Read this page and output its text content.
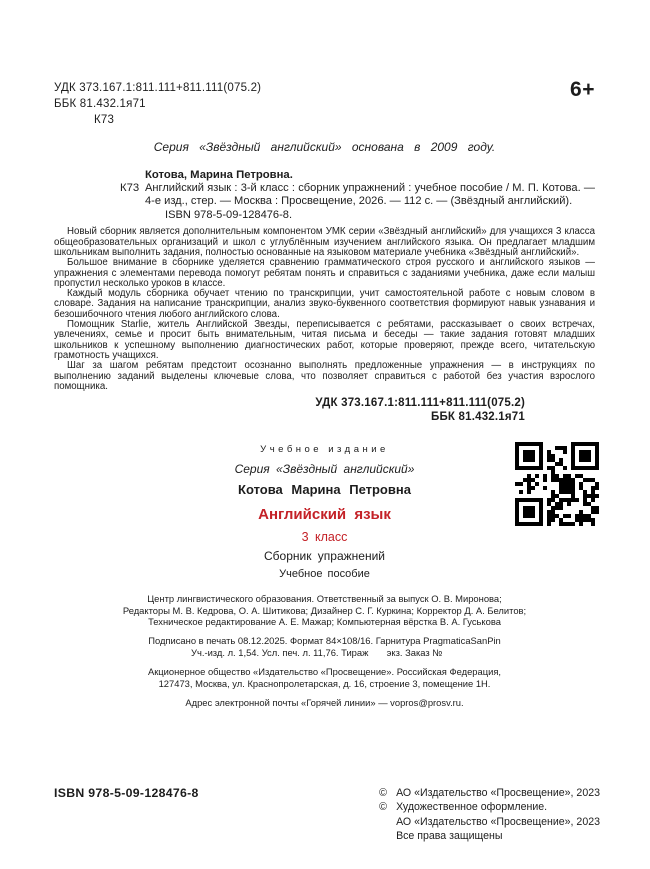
УДК 373.167.1:811.111+811.111(075.2)
ББК 81.432.1я71
К73
6+
Серия «Звёздный английский» основана в 2009 году.
Котова, Марина Петровна.
К73 Английский язык : 3-й класс : сборник упражнений : учебное пособие / М. П. Котова. — 4-е изд., стер. — Москва : Просвещение, 2026. — 112 с. — (Звёздный английский).

ISBN 978-5-09-128476-8.

Новый сборник является дополнительным компонентом УМК серии «Звёздный английский» для учащихся 3 класса общеобразовательных организаций и школ с углублённым изучением английского языка. Он предлагает младшим школьникам выполнить задания, полностью основанные на языковом материале учебника «Звёздный английский».

Большое внимание в сборнике уделяется сравнению грамматического строя русского и английского языков — упражнения с элементами перевода помогут ребятам понять и справиться с заданиями учебника, даже если малыш пропустил несколько уроков в классе.

Каждый модуль сборника обучает чтению по транскрипции, учит самостоятельной работе с новым словом в словаре. Задания на написание транскрипции, анализ звуко-буквенного соответствия формируют навык узнавания и безошибочного чтения любого английского слова.

Помощник Starlie, житель Английской Звезды, переписывается с ребятами, рассказывает о своих встречах, увлечениях, семье и просит быть внимательным, читая письма и беседы — такие задания готовят младших школьников к успешному выполнению диагностических работ, которые проверяют, прежде всего, читательскую грамотность учащихся.

Шаг за шагом ребятам предстоит осознанно выполнять предложенные упражнения — в инструкциях по выполнению заданий выделены ключевые слова, что позволяет справиться с работой без участия взрослого помощника.

УДК 373.167.1:811.111+811.111(075.2)
ББК 81.432.1я71
Учебное издание
Серия «Звёздный английский»
Котова Марина Петровна
Английский язык
3 класс
Сборник упражнений
Учебное пособие
Центр лингвистического образования. Ответственный за выпуск О. В. Миронова;
Редакторы М. В. Кедрова, О. А. Шитикова; Дизайнер С. Г. Куркина; Корректор Д. А. Белитов;
Техническое редактирование А. Е. Мажар; Компьютерная вёрстка В. А. Гуськова
Подписано в печать 08.12.2025. Формат 84×108/16. Гарнитура PragmaticaSanPin
Уч.-изд. л. 1,54. Усл. печ. л. 11,76. Тираж       экз. Заказ №
Акционерное общество «Издательство «Просвещение». Российская Федерация,
127473, Москва, ул. Краснопролетарская, д. 16, строение 3, помещение 1Н.
Адрес электронной почты «Горячей линии» — vopros@prosv.ru.
ISBN 978-5-09-128476-8	© АО «Издательство «Просвещение», 2023
© Художественное оформление.
АО «Издательство «Просвещение», 2023
Все права защищены
